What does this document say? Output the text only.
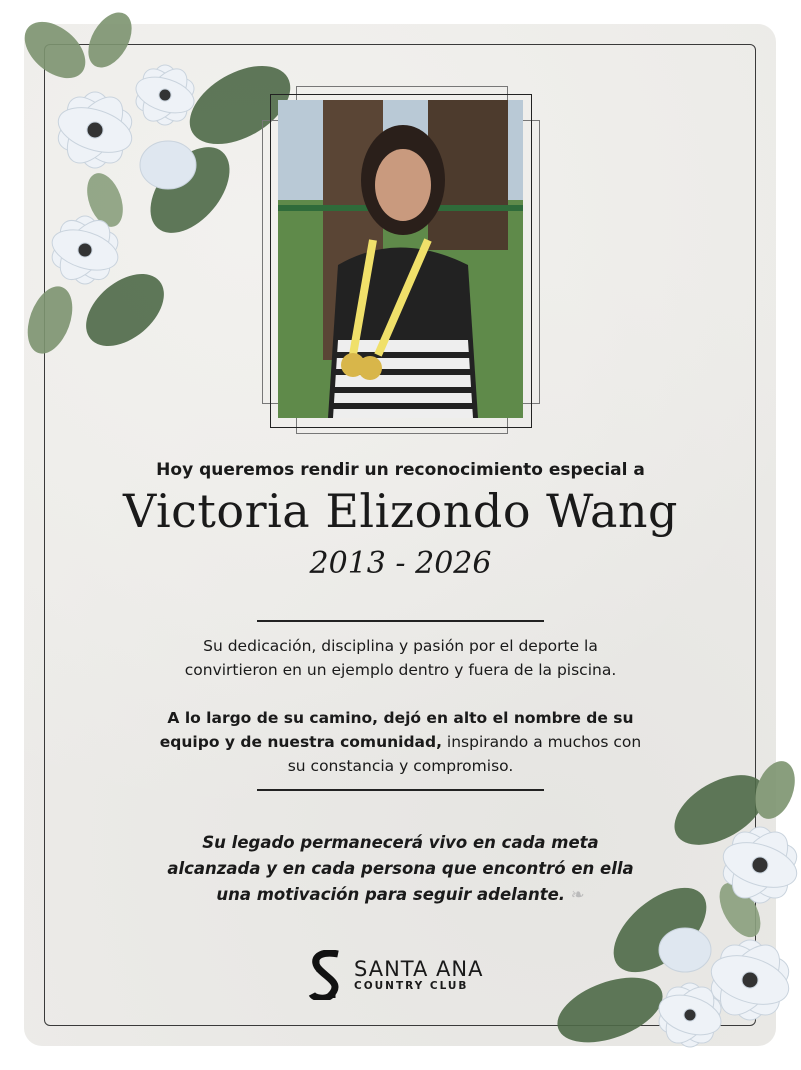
Hoy queremos rendir un reconocimiento especial a
Victoria Elizondo Wang
2013 - 2026
Su dedicación, disciplina y pasión por el deporte la
convirtieron en un ejemplo dentro y fuera de la piscina.
A lo largo de su camino, dejó en alto el nombre de su
equipo y de nuestra comunidad, inspirando a muchos con
su constancia y compromiso.
Su legado permanecerá vivo en cada meta
alcanzada y en cada persona que encontró en ella
una motivación para seguir adelante. ❧
SANTA ANA
COUNTRY CLUB
